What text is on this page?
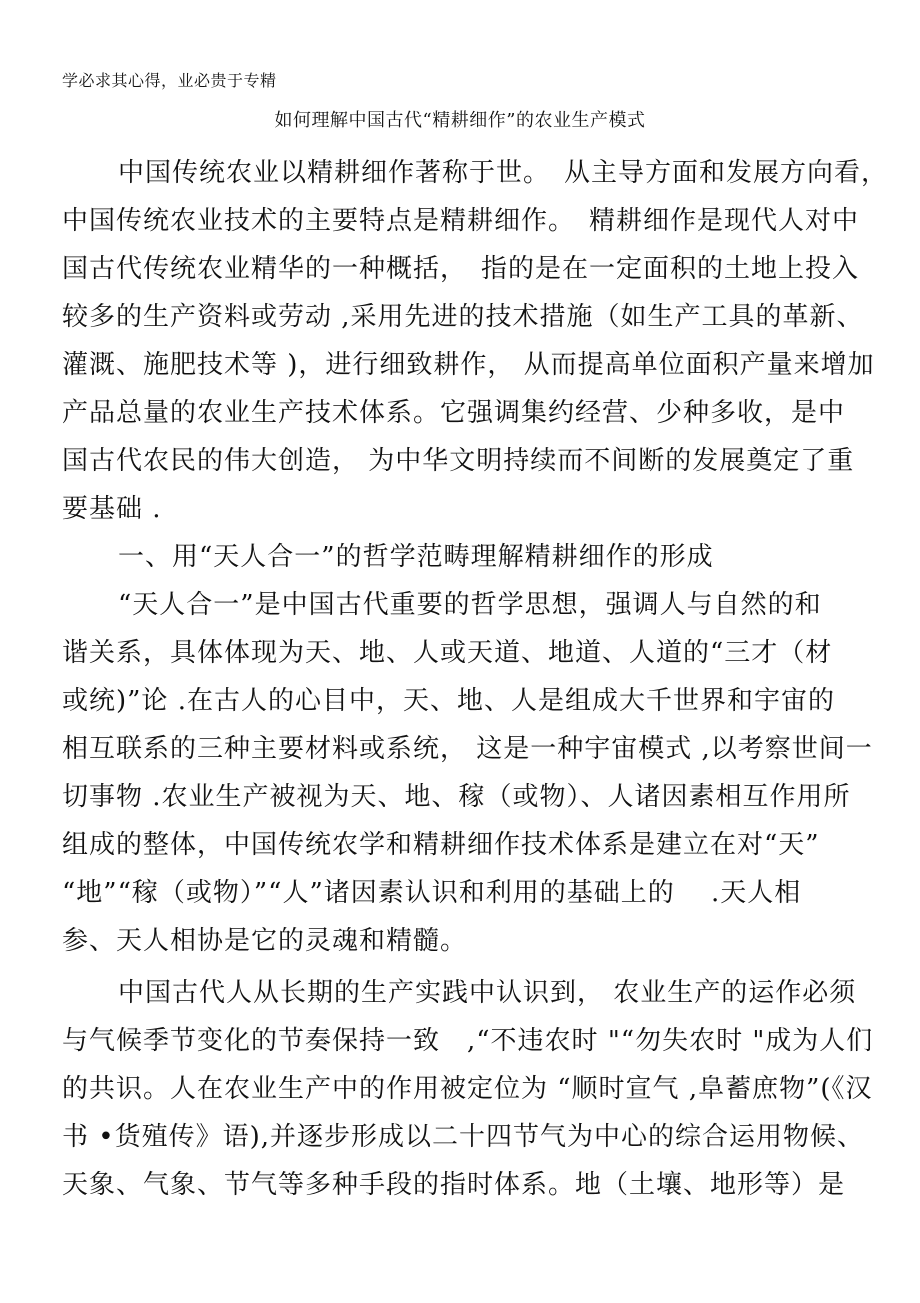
学必求其心得，业必贵于专精
如何理解中国古代“精耕细作”的农业生产模式
中国传统农业以精耕细作著称于世。　从主导方面和发展方向看，
中国传统农业技术的主要特点是精耕细作。　精耕细作是现代人对中
国古代传统农业精华的一种概括，　指的是在一定面积的土地上投入
较多的生产资料或劳动 ,采用先进的技术措施（如生产工具的革新、
灌溉、施肥技术等 )，进行细致耕作， 从而提高单位面积产量来增加
产品总量的农业生产技术体系。它强调集约经营、少种多收，是中
国古代农民的伟大创造， 为中华文明持续而不间断的发展奠定了重
要基础 .
一、用“天人合一”的哲学范畴理解精耕细作的形成
“天人合一”是中国古代重要的哲学思想，强调人与自然的和
谐关系，具体体现为天、地、人或天道、地道、人道的“三才（材
或统)”论 .在古人的心目中，天、地、人是组成大千世界和宇宙的
相互联系的三种主要材料或系统， 这是一种宇宙模式 ,以考察世间一
切事物 .农业生产被视为天、地、稼（或物）、人诸因素相互作用所
组成的整体，中国传统农学和精耕细作技术体系是建立在对“天”
“地”“稼（或物）”“人”诸因素认识和利用的基础上的　 .天人相
参、天人相协是它的灵魂和精髓。
中国古代人从长期的生产实践中认识到， 农业生产的运作必须
与气候季节变化的节奏保持一致　,“不违农时 "“勿失农时 "成为人们
的共识。人在农业生产中的作用被定位为 “顺时宣气 ,阜蓄庶物”(《汉
书 •货殖传》语),并逐步形成以二十四节气为中心的综合运用物候、
天象、气象、节气等多种手段的指时体系。地（土壤、地形等）是
